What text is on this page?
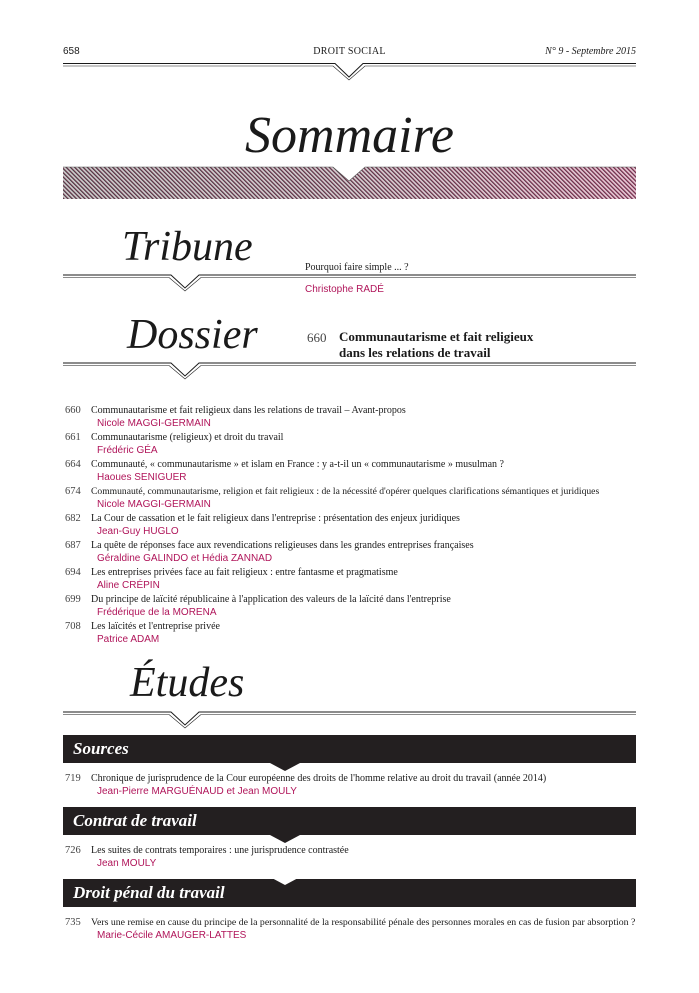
658	DROIT SOCIAL	N° 9 - Septembre 2015
Sommaire
Tribune	Pourquoi faire simple ... ?
Christophe RADÉ
Dossier	660 Communautarisme et fait religieux
dans les relations de travail
660 Communautarisme et fait religieux dans les relations de travail – Avant-propos
Nicole MAGGI-GERMAIN
661 Communautarisme (religieux) et droit du travail
Frédéric GÉA
664 Communauté, « communautarisme » et islam en France : y a-t-il un « communautarisme » musulman ?
Haoues SENIGUER
674 Communauté, communautarisme, religion et fait religieux : de la nécessité d'opérer quelques clarifications sémantiques et juridiques
Nicole MAGGI-GERMAIN
682 La Cour de cassation et le fait religieux dans l'entreprise : présentation des enjeux juridiques
Jean-Guy HUGLO
687 La quête de réponses face aux revendications religieuses dans les grandes entreprises françaises
Géraldine GALINDO et Hédia ZANNAD
694 Les entreprises privées face au fait religieux : entre fantasme et pragmatisme
Aline CRÉPIN
699 Du principe de laïcité républicaine à l'application des valeurs de la laïcité dans l'entreprise
Frédérique de la MORENA
708 Les laïcités et l'entreprise privée
Patrice ADAM
Études
Sources
719 Chronique de jurisprudence de la Cour européenne des droits de l'homme relative au droit du travail (année 2014)
Jean-Pierre MARGUÉNAUD et Jean MOULY
Contrat de travail
726 Les suites de contrats temporaires : une jurisprudence contrastée
Jean MOULY
Droit pénal du travail
735 Vers une remise en cause du principe de la personnalité de la responsabilité pénale des personnes morales en cas de fusion par absorption ?
Marie-Cécile AMAUGER-LATTES
